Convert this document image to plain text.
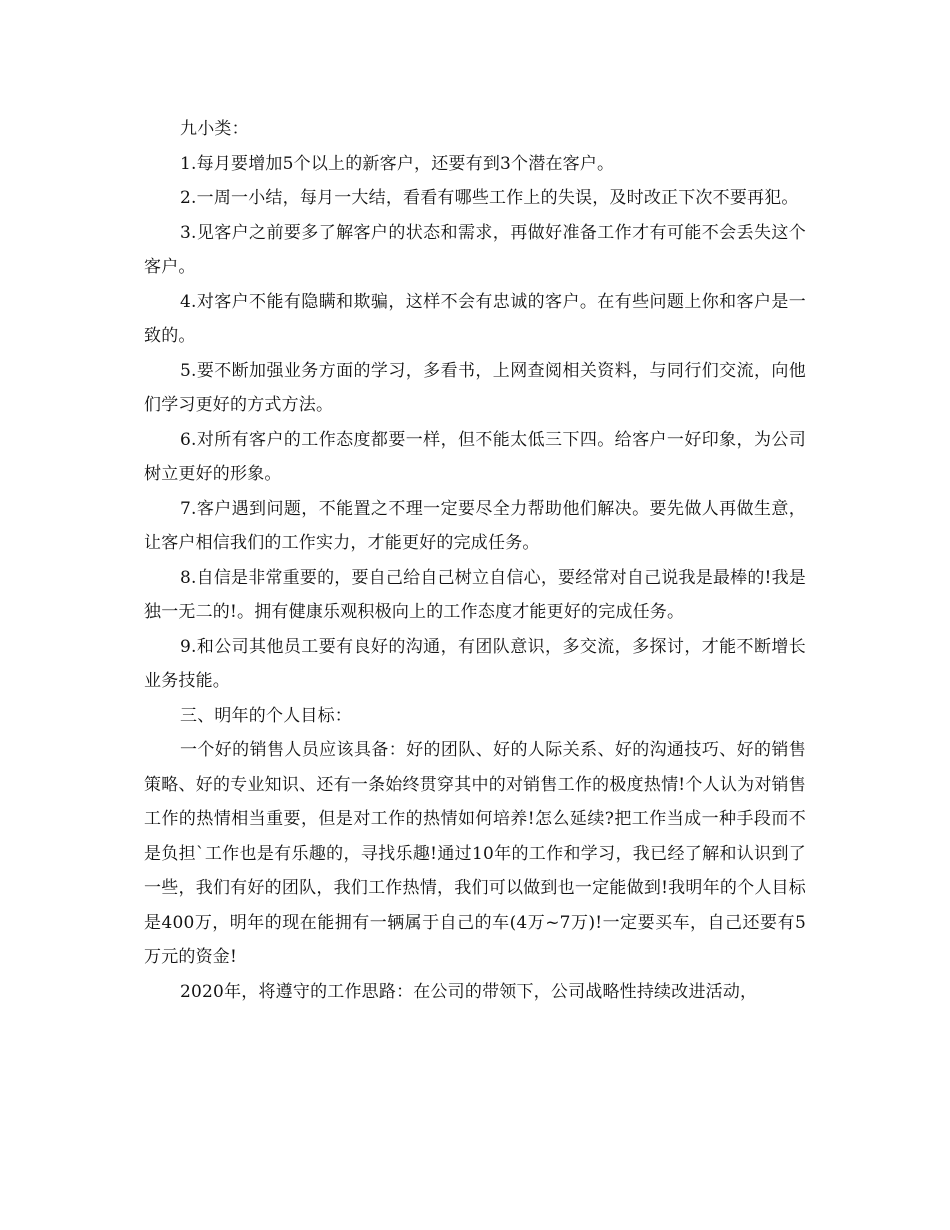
九小类：

1.每月要增加5个以上的新客户，还要有到3个潜在客户。

2.一周一小结，每月一大结，看看有哪些工作上的失误，及时改正下次不要再犯。

3.见客户之前要多了解客户的状态和需求，再做好准备工作才有可能不会丢失这个客户。

4.对客户不能有隐瞒和欺骗，这样不会有忠诚的客户。在有些问题上你和客户是一致的。

5.要不断加强业务方面的学习，多看书，上网查阅相关资料，与同行们交流，向他们学习更好的方式方法。

6.对所有客户的工作态度都要一样，但不能太低三下四。给客户一好印象，为公司树立更好的形象。

7.客户遇到问题，不能置之不理一定要尽全力帮助他们解决。要先做人再做生意，让客户相信我们的工作实力，才能更好的完成任务。

8.自信是非常重要的，要自己给自己树立自信心，要经常对自己说我是最棒的!我是独一无二的!。拥有健康乐观积极向上的工作态度才能更好的完成任务。

9.和公司其他员工要有良好的沟通，有团队意识，多交流，多探讨，才能不断增长业务技能。

三、明年的个人目标：

一个好的销售人员应该具备：好的团队、好的人际关系、好的沟通技巧、好的销售策略、好的专业知识、还有一条始终贯穿其中的对销售工作的极度热情!个人认为对销售工作的热情相当重要，但是对工作的热情如何培养!怎么延续?把工作当成一种手段而不是负担`工作也是有乐趣的，寻找乐趣!通过10年的工作和学习，我已经了解和认识到了一些，我们有好的团队，我们工作热情，我们可以做到也一定能做到!我明年的个人目标是400万，明年的现在能拥有一辆属于自己的车(4万~7万)!一定要买车，自己还要有5万元的资金!

2020年，将遵守的工作思路：在公司的带领下，公司战略性持续改进活动，
